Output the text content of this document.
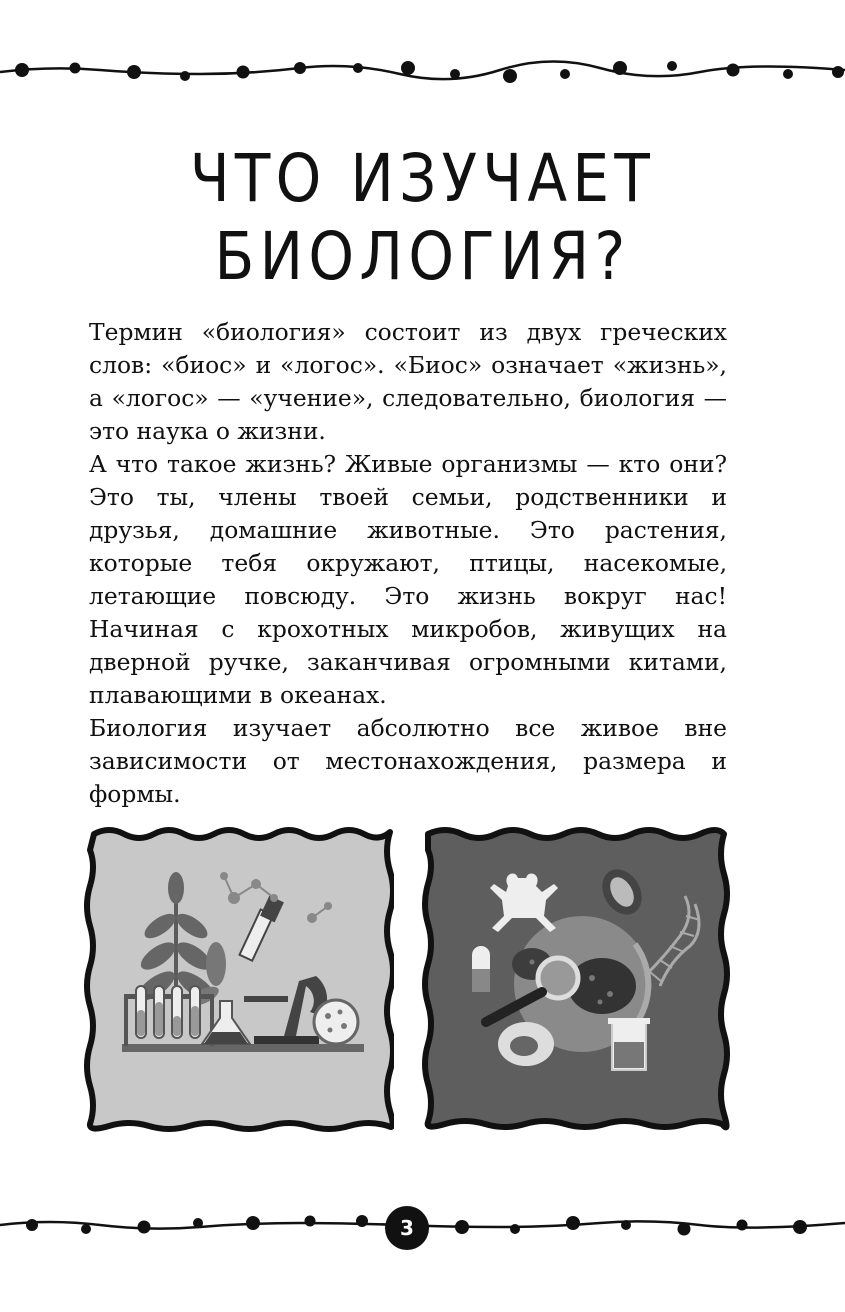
ЧТО ИЗУЧАЕТ
БИОЛОГИЯ?

Термин «биология» состоит из двух греческих слов: «биос» и «логос». «Биос» означает «жизнь», а «логос» — «учение», следовательно, биология — это наука о жизни.

А что такое жизнь? Живые организмы — кто они? Это ты, члены твоей семьи, родственники и друзья, домашние животные. Это растения, которые тебя окружают, птицы, насекомые, летающие повсюду. Это жизнь вокруг нас! Начиная с крохотных микробов, живущих на дверной ручке, заканчивая огромными китами, плавающими в океанах.

Биология изучает абсолютно все живое вне зависимости от местонахождения, размера и формы.

3
